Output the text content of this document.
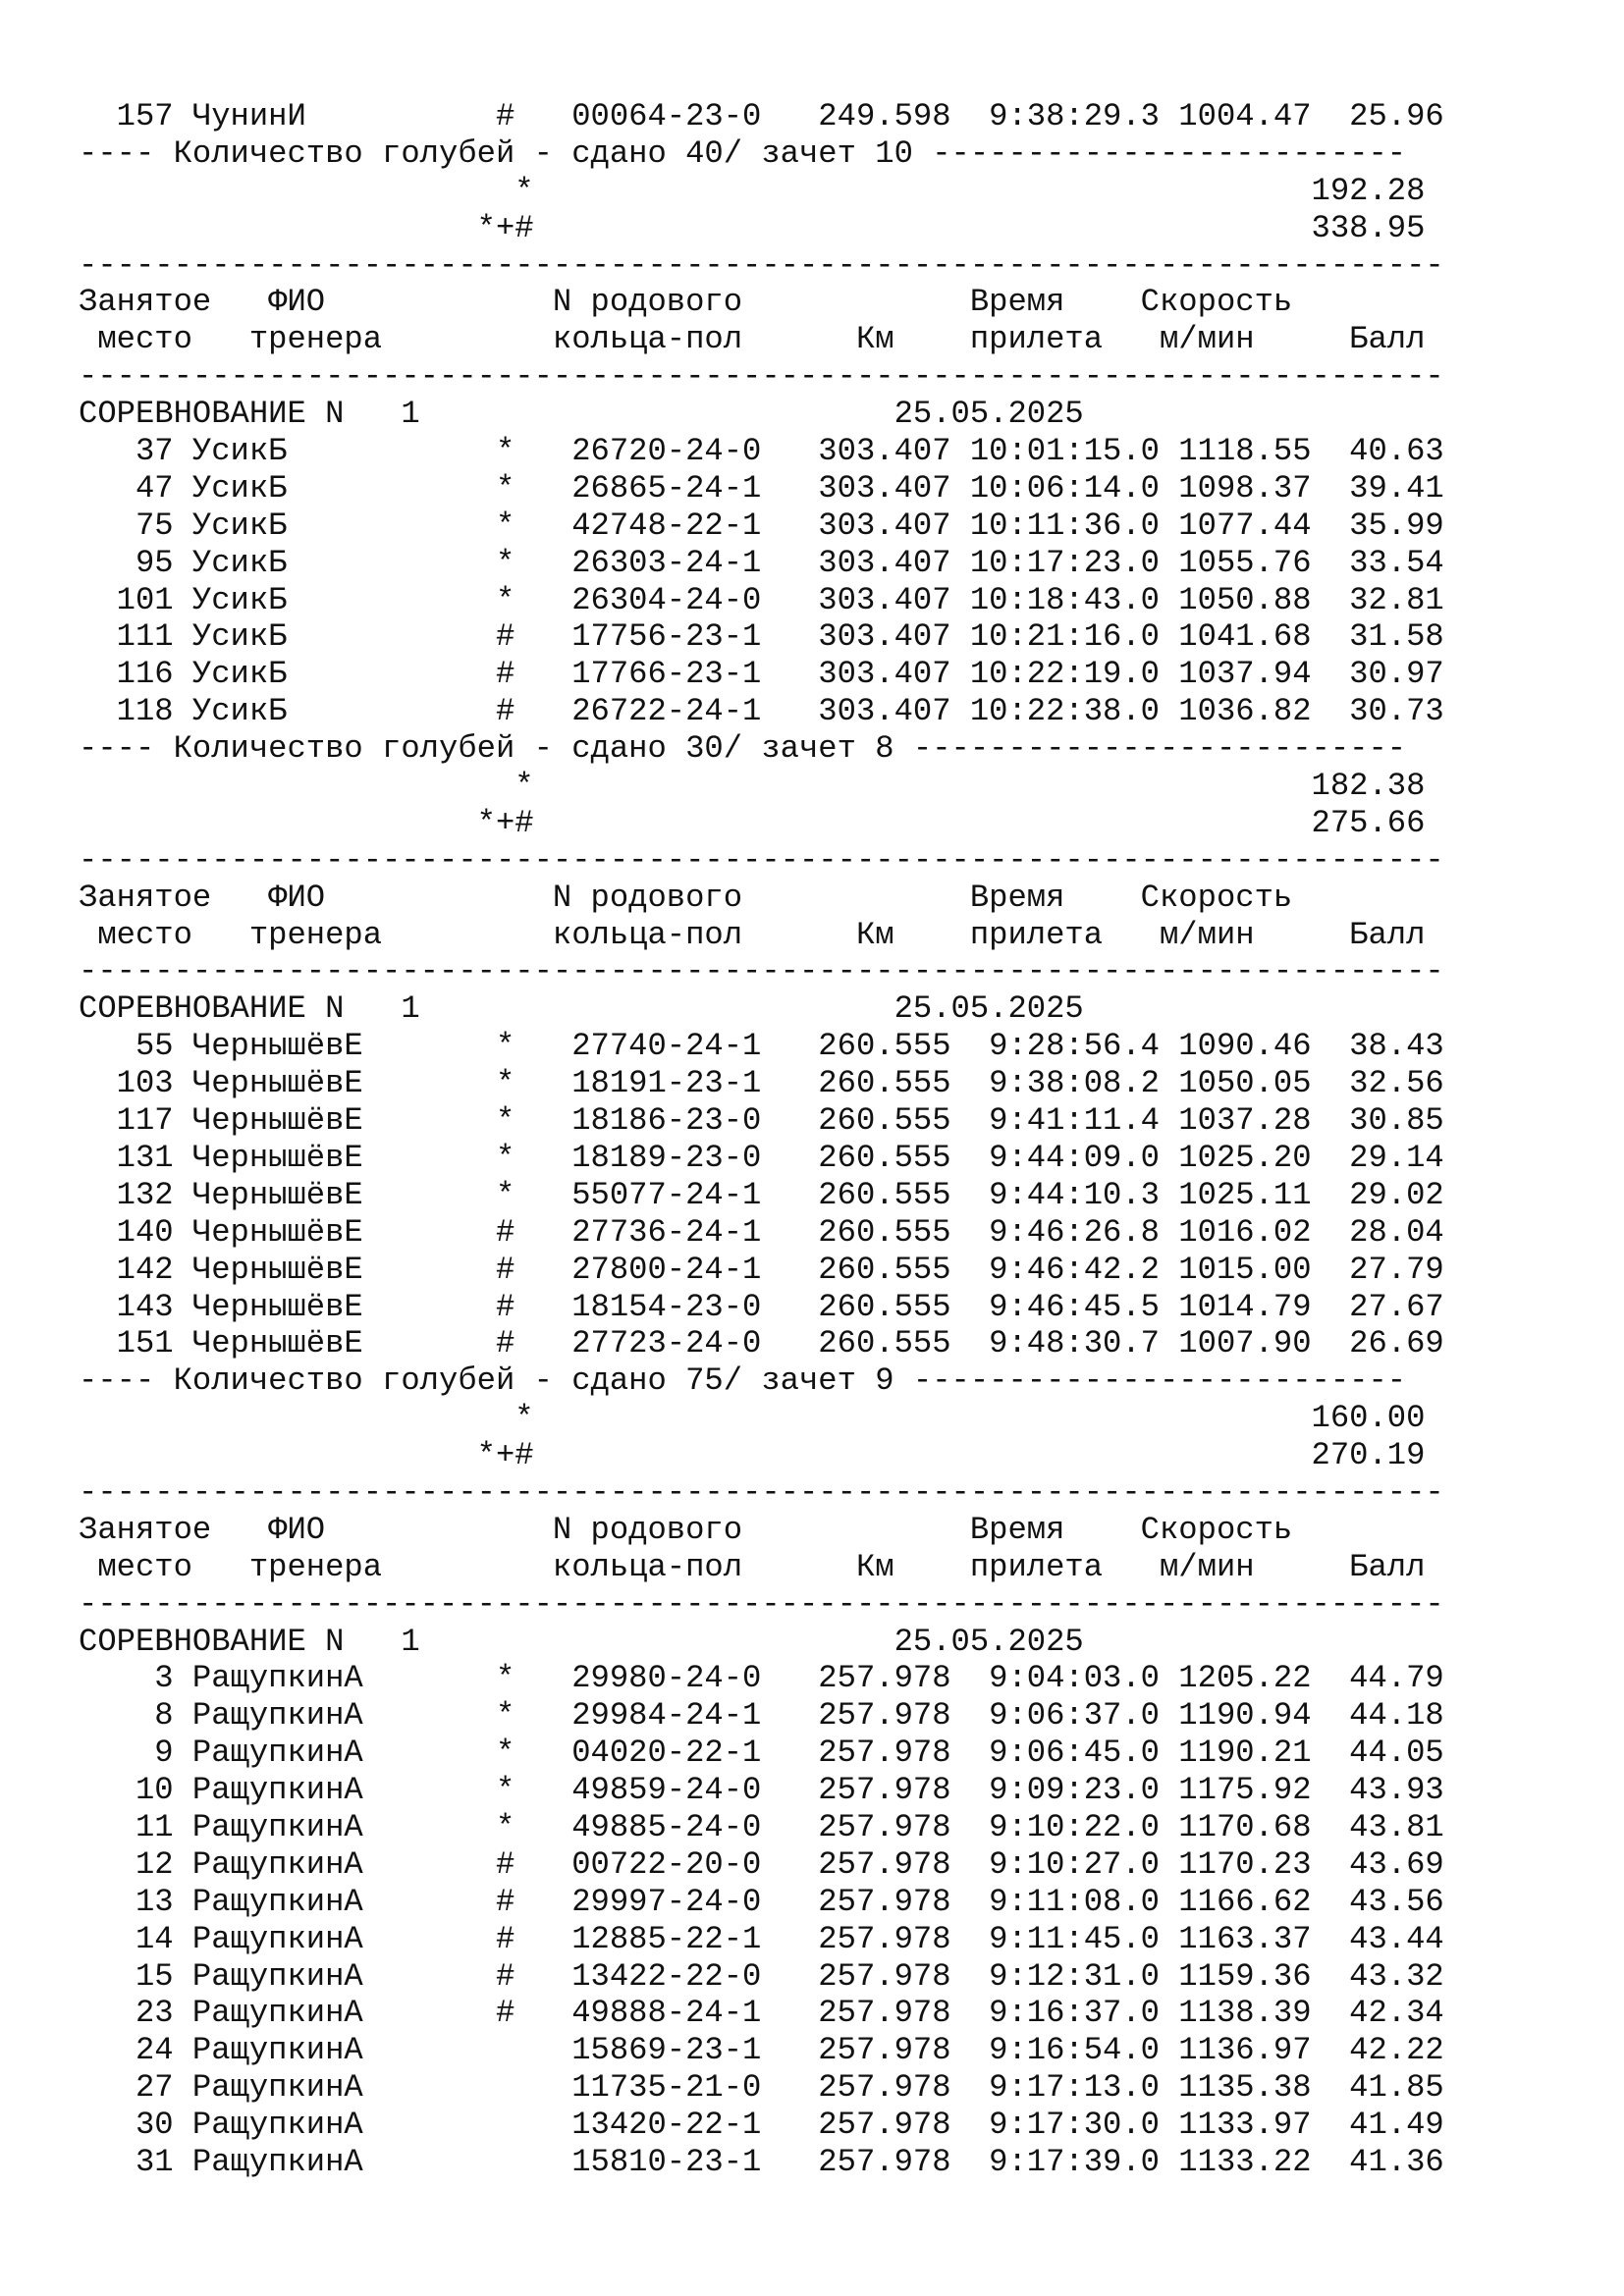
157 ЧунинИ          #   00064-23-0   249.598  9:38:29.3 1004.47  25.96
---- Количество голубей - сдано 40/ зачет 10 -------------------------
*                                         192.28
*+#                                         338.95
------------------------------------------------------------------------
Занятое   ФИО            N родового            Время    Скорость
место   тренера         кольца-пол      Км    прилета   м/мин     Балл
------------------------------------------------------------------------
СОРЕВНОВАНИЕ N   1                         25.05.2025
37 УсикБ           *   26720-24-0   303.407 10:01:15.0 1118.55  40.63
47 УсикБ           *   26865-24-1   303.407 10:06:14.0 1098.37  39.41
75 УсикБ           *   42748-22-1   303.407 10:11:36.0 1077.44  35.99
95 УсикБ           *   26303-24-1   303.407 10:17:23.0 1055.76  33.54
101 УсикБ           *   26304-24-0   303.407 10:18:43.0 1050.88  32.81
111 УсикБ           #   17756-23-1   303.407 10:21:16.0 1041.68  31.58
116 УсикБ           #   17766-23-1   303.407 10:22:19.0 1037.94  30.97
118 УсикБ           #   26722-24-1   303.407 10:22:38.0 1036.82  30.73
---- Количество голубей - сдано 30/ зачет 8 --------------------------
*                                         182.38
*+#                                         275.66
------------------------------------------------------------------------
Занятое   ФИО            N родового            Время    Скорость
место   тренера         кольца-пол      Км    прилета   м/мин     Балл
------------------------------------------------------------------------
СОРЕВНОВАНИЕ N   1                         25.05.2025
55 ЧернышёвЕ       *   27740-24-1   260.555  9:28:56.4 1090.46  38.43
103 ЧернышёвЕ       *   18191-23-1   260.555  9:38:08.2 1050.05  32.56
117 ЧернышёвЕ       *   18186-23-0   260.555  9:41:11.4 1037.28  30.85
131 ЧернышёвЕ       *   18189-23-0   260.555  9:44:09.0 1025.20  29.14
132 ЧернышёвЕ       *   55077-24-1   260.555  9:44:10.3 1025.11  29.02
140 ЧернышёвЕ       #   27736-24-1   260.555  9:46:26.8 1016.02  28.04
142 ЧернышёвЕ       #   27800-24-1   260.555  9:46:42.2 1015.00  27.79
143 ЧернышёвЕ       #   18154-23-0   260.555  9:46:45.5 1014.79  27.67
151 ЧернышёвЕ       #   27723-24-0   260.555  9:48:30.7 1007.90  26.69
---- Количество голубей - сдано 75/ зачет 9 --------------------------
*                                         160.00
*+#                                         270.19
------------------------------------------------------------------------
Занятое   ФИО            N родового            Время    Скорость
место   тренера         кольца-пол      Км    прилета   м/мин     Балл
------------------------------------------------------------------------
СОРЕВНОВАНИЕ N   1                         25.05.2025
3 РащупкинА       *   29980-24-0   257.978  9:04:03.0 1205.22  44.79
8 РащупкинА       *   29984-24-1   257.978  9:06:37.0 1190.94  44.18
9 РащупкинА       *   04020-22-1   257.978  9:06:45.0 1190.21  44.05
10 РащупкинА       *   49859-24-0   257.978  9:09:23.0 1175.92  43.93
11 РащупкинА       *   49885-24-0   257.978  9:10:22.0 1170.68  43.81
12 РащупкинА       #   00722-20-0   257.978  9:10:27.0 1170.23  43.69
13 РащупкинА       #   29997-24-0   257.978  9:11:08.0 1166.62  43.56
14 РащупкинА       #   12885-22-1   257.978  9:11:45.0 1163.37  43.44
15 РащупкинА       #   13422-22-0   257.978  9:12:31.0 1159.36  43.32
23 РащупкинА       #   49888-24-1   257.978  9:16:37.0 1138.39  42.34
24 РащупкинА           15869-23-1   257.978  9:16:54.0 1136.97  42.22
27 РащупкинА           11735-21-0   257.978  9:17:13.0 1135.38  41.85
30 РащупкинА           13420-22-1   257.978  9:17:30.0 1133.97  41.49
31 РащупкинА           15810-23-1   257.978  9:17:39.0 1133.22  41.36
